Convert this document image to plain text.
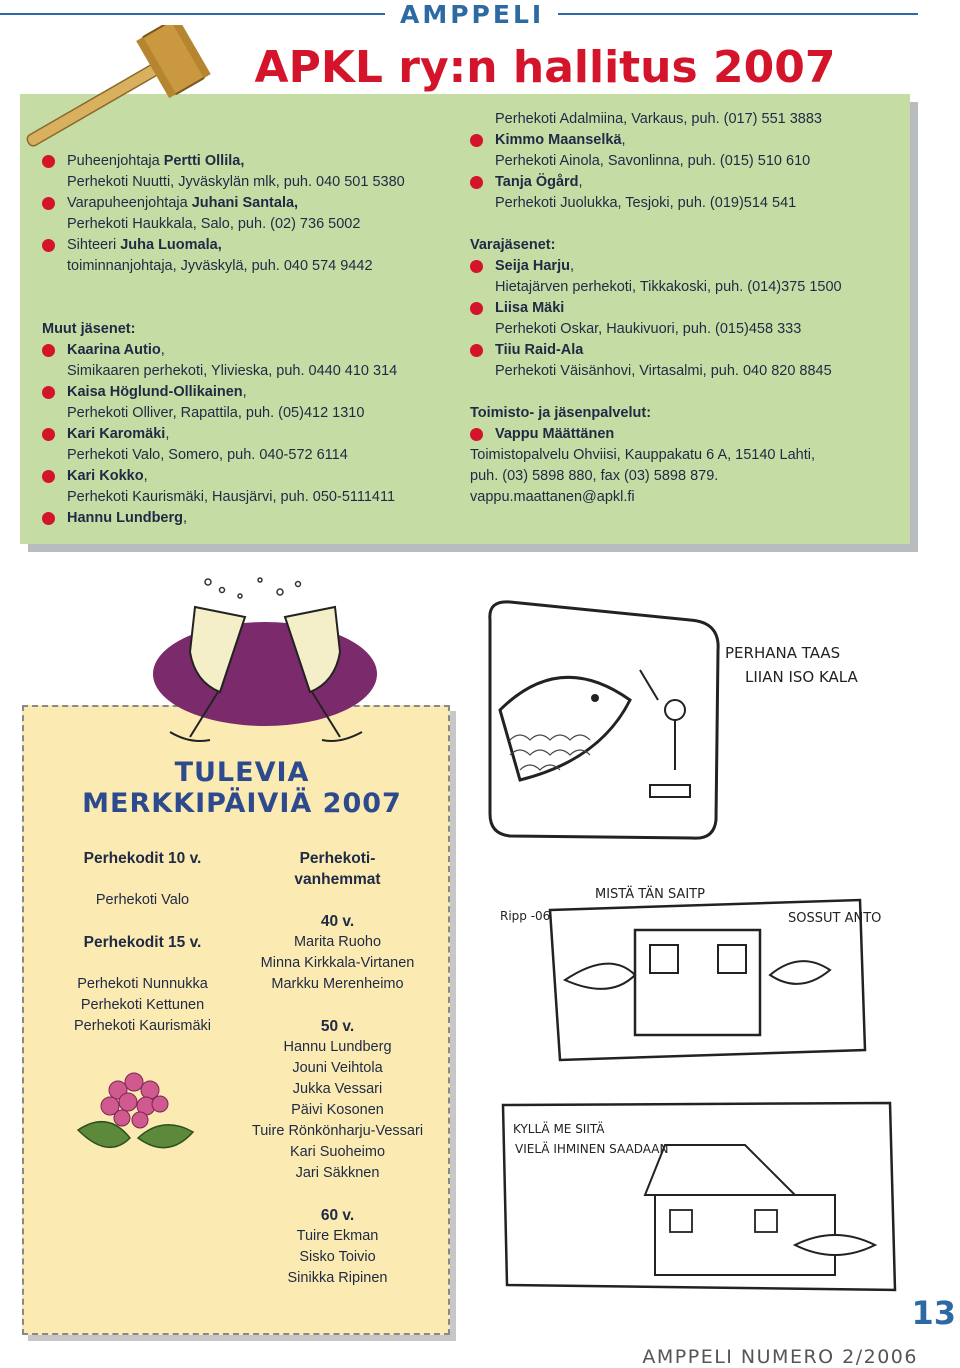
AMPPELI
APKL ry:n hallitus 2007
Puheenjohtaja Pertti Ollila,
Perhekoti Nuutti, Jyväskylän mlk, puh. 040 501 5380
Varapuheenjohtaja Juhani Santala,
Perhekoti Haukkala, Salo, puh. (02) 736 5002
Sihteeri Juha Luomala,
toiminnanjohtaja, Jyväskylä, puh. 040 574 9442
Muut jäsenet:
Kaarina Autio,
Simikaaren perhekoti, Ylivieska, puh. 0440 410 314
Kaisa Höglund-Ollikainen,
Perhekoti Olliver, Rapattila, puh. (05)412 1310
Kari Karomäki,
Perhekoti Valo, Somero, puh. 040-572 6114
Kari Kokko,
Perhekoti Kaurismäki, Hausjärvi, puh. 050-5111411
Hannu Lundberg,
Perhekoti Adalmiina, Varkaus, puh. (017) 551 3883
Kimmo Maanselkä,
Perhekoti Ainola, Savonlinna, puh. (015) 510 610
Tanja Ögård,
Perhekoti Juolukka, Tesjoki, puh. (019)514 541
Varajäsenet:
Seija Harju,
Hietajärven perhekoti, Tikkakoski, puh. (014)375 1500
Liisa Mäki
Perhekoti Oskar, Haukivuori, puh. (015)458 333
Tiiu Raid-Ala
Perhekoti Väisänhovi, Virtasalmi, puh. 040 820 8845
Toimisto- ja jäsenpalvelut:
Vappu Määttänen
Toimistopalvelu Ohviisi, Kauppakatu 6 A, 15140 Lahti,
puh. (03) 5898 880, fax (03) 5898 879.
vappu.maattanen@apkl.fi
TULEVIA
MERKKIPÄIVIÄ 2007
Perhekodit 10 v.
Perhekoti Valo
Perhekodit 15 v.
Perhekoti Nunnukka
Perhekoti Kettunen
Perhekoti Kaurismäki
Perhekoti-
vanhemmat
40 v.
Marita Ruoho
Minna Kirkkala-Virtanen
Markku Merenheimo
50 v.
Hannu Lundberg
Jouni Veihtola
Jukka Vessari
Päivi Kosonen
Tuire Rönkönharju-Vessari
Kari Suoheimo
Jari Säkknen
60 v.
Tuire Ekman
Sisko Toivio
Sinikka Ripinen
PERHANA TAAS
LIIAN ISO KALA
MISTÄ TÄN SAITP
SOSSUT ANTO
Ripp -06
KYLLÄ ME SIITÄ
VIELÄ IHMINEN SAADAAN
13
AMPPELI NUMERO 2/2006
